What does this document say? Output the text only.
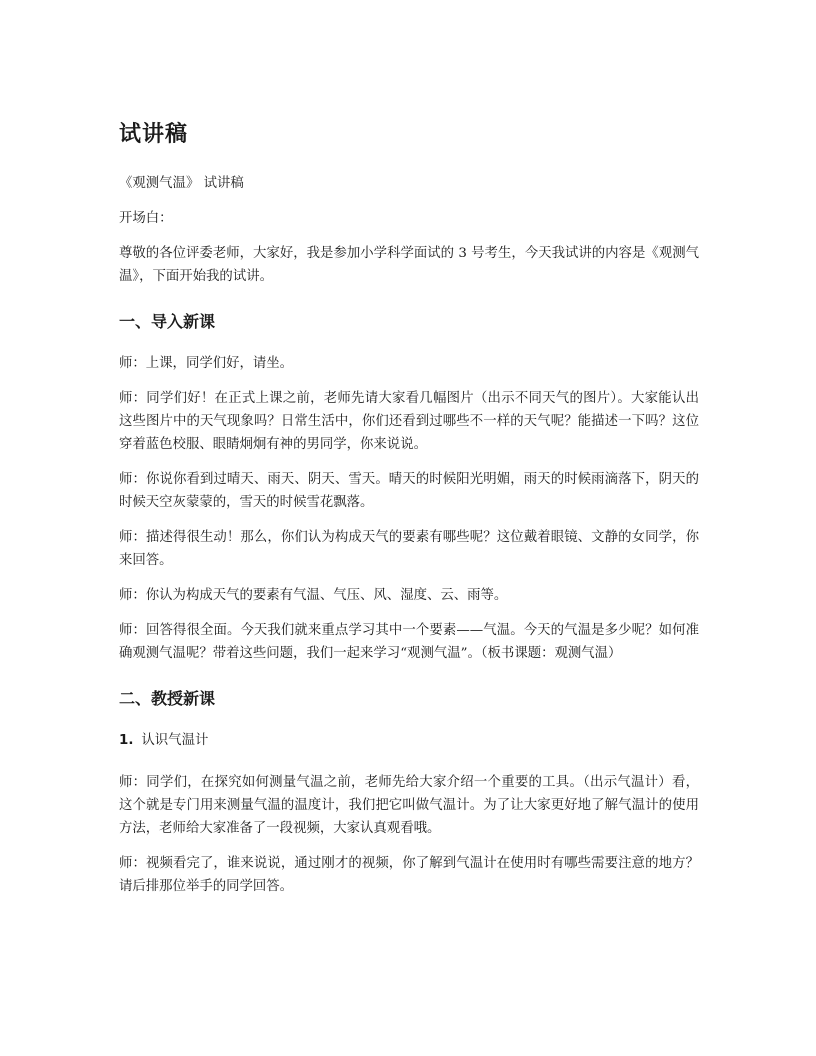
试讲稿

《观测气温》 试讲稿

开场白：

尊敬的各位评委老师，大家好，我是参加小学科学面试的 3 号考生，今天我试讲的内容是《观测气温》，下面开始我的试讲。

一、导入新课

师：上课，同学们好，请坐。

师：同学们好！在正式上课之前，老师先请大家看几幅图片（出示不同天气的图片）。大家能认出这些图片中的天气现象吗？日常生活中，你们还看到过哪些不一样的天气呢？能描述一下吗？这位穿着蓝色校服、眼睛炯炯有神的男同学，你来说说。

师：你说你看到过晴天、雨天、阴天、雪天。晴天的时候阳光明媚，雨天的时候雨滴落下，阴天的时候天空灰蒙蒙的，雪天的时候雪花飘落。

师：描述得很生动！那么，你们认为构成天气的要素有哪些呢？这位戴着眼镜、文静的女同学，你来回答。

师：你认为构成天气的要素有气温、气压、风、湿度、云、雨等。

师：回答得很全面。今天我们就来重点学习其中一个要素——气温。今天的气温是多少呢？如何准确观测气温呢？带着这些问题，我们一起来学习“观测气温”。（板书课题：观测气温）

二、教授新课
1. 认识气温计

师：同学们，在探究如何测量气温之前，老师先给大家介绍一个重要的工具。（出示气温计）看，这个就是专门用来测量气温的温度计，我们把它叫做气温计。为了让大家更好地了解气温计的使用方法，老师给大家准备了一段视频，大家认真观看哦。

师：视频看完了，谁来说说，通过刚才的视频，你了解到气温计在使用时有哪些需要注意的地方？请后排那位举手的同学回答。
